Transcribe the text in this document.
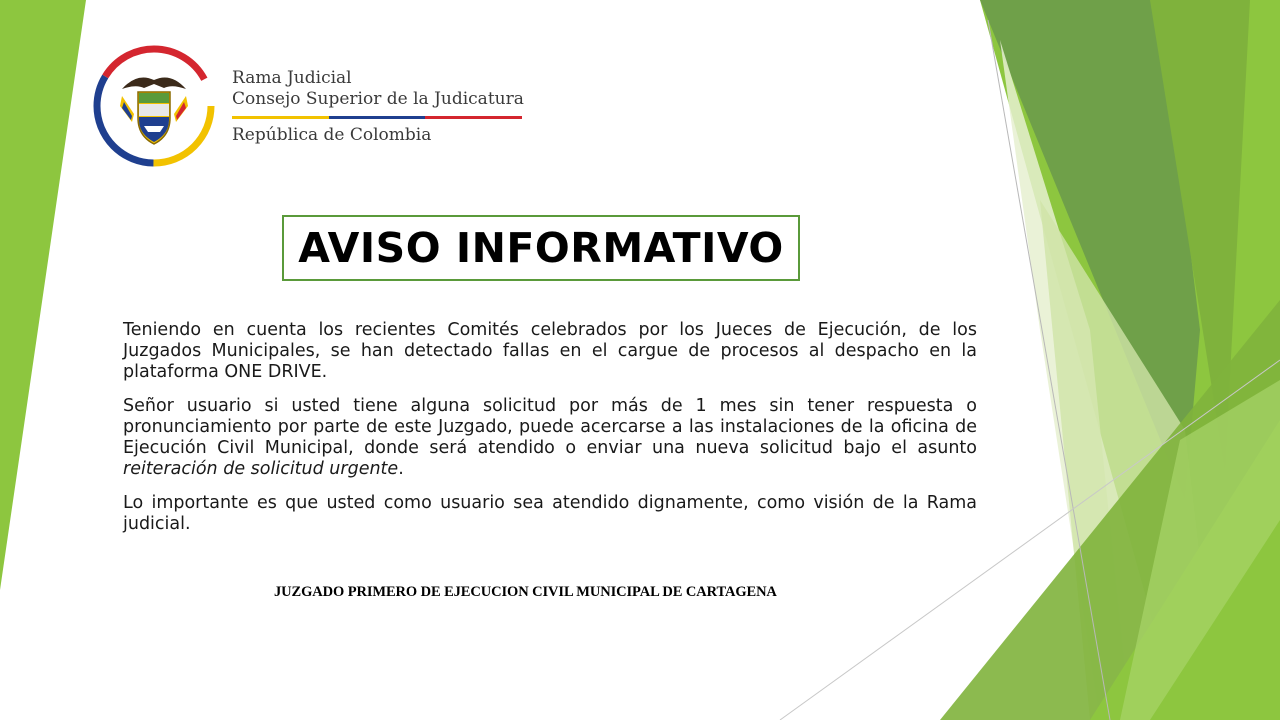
Rama Judicial
Consejo Superior de la Judicatura
República de Colombia
AVISO INFORMATIVO

Teniendo en cuenta los recientes Comités celebrados por los Jueces de Ejecución, de los Juzgados Municipales, se han detectado fallas en el cargue de procesos al despacho en la plataforma ONE DRIVE.

Señor usuario si usted tiene alguna solicitud por más de 1 mes sin tener respuesta o pronunciamiento por parte de este Juzgado, puede acercarse a las instalaciones de la oficina de Ejecución Civil Municipal, donde será atendido o enviar una nueva solicitud bajo el asunto reiteración de solicitud urgente.

Lo importante es que usted como usuario sea atendido dignamente, como visión de la Rama judicial.

JUZGADO PRIMERO DE EJECUCION CIVIL MUNICIPAL DE CARTAGENA
